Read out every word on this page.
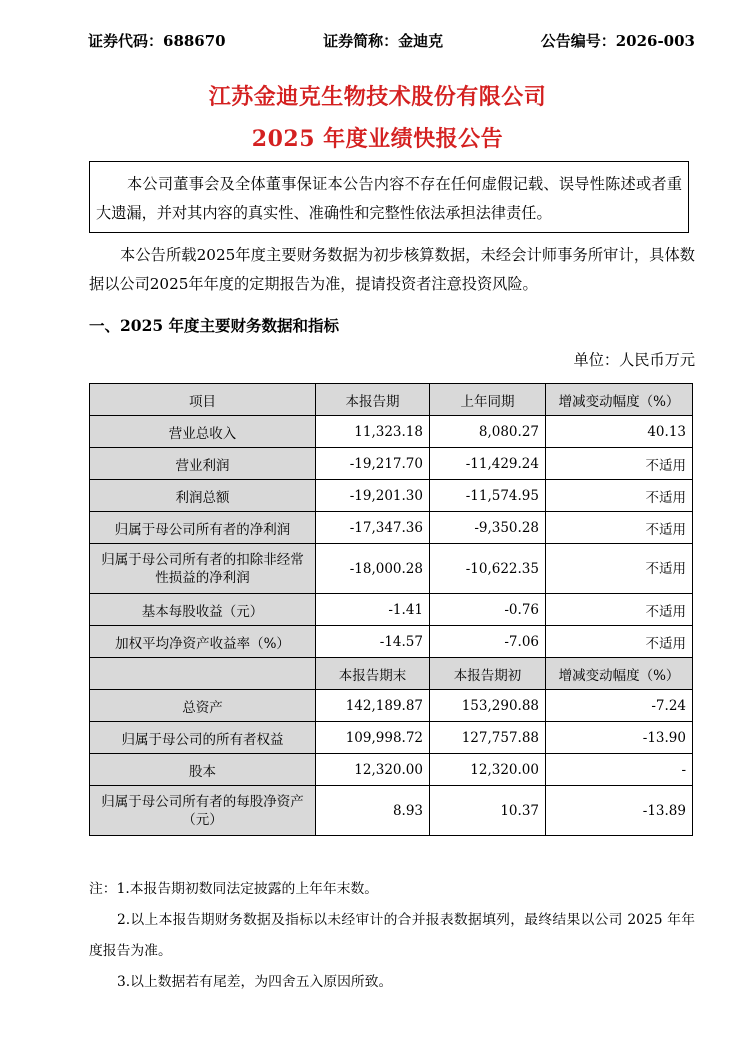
证券代码：688670	证券简称：金迪克	公告编号：2026-003
江苏金迪克生物技术股份有限公司
2025 年度业绩快报公告
本公司董事会及全体董事保证本公告内容不存在任何虚假记载、误导性陈述或者重大遗漏，并对其内容的真实性、准确性和完整性依法承担法律责任。
本公告所载2025年度主要财务数据为初步核算数据，未经会计师事务所审计，具体数据以公司2025年年度的定期报告为准，提请投资者注意投资风险。
一、2025 年度主要财务数据和指标
单位：人民币万元
项目	本报告期	上年同期	增减变动幅度（%）
营业总收入	11,323.18	8,080.27	40.13
营业利润	-19,217.70	-11,429.24	不适用
利润总额	-19,201.30	-11,574.95	不适用
归属于母公司所有者的净利润	-17,347.36	-9,350.28	不适用
归属于母公司所有者的扣除非经常性损益的净利润	-18,000.28	-10,622.35	不适用
基本每股收益（元）	-1.41	-0.76	不适用
加权平均净资产收益率（%）	-14.57	-7.06	不适用
	本报告期末	本报告期初	增减变动幅度（%）
总资产	142,189.87	153,290.88	-7.24
归属于母公司的所有者权益	109,998.72	127,757.88	-13.90
股本	12,320.00	12,320.00	-
归属于母公司所有者的每股净资产（元）	8.93	10.37	-13.89

注：1.本报告期初数同法定披露的上年年末数。

2.以上本报告期财务数据及指标以未经审计的合并报表数据填列，最终结果以公司 2025 年年度报告为准。

3.以上数据若有尾差，为四舍五入原因所致。
